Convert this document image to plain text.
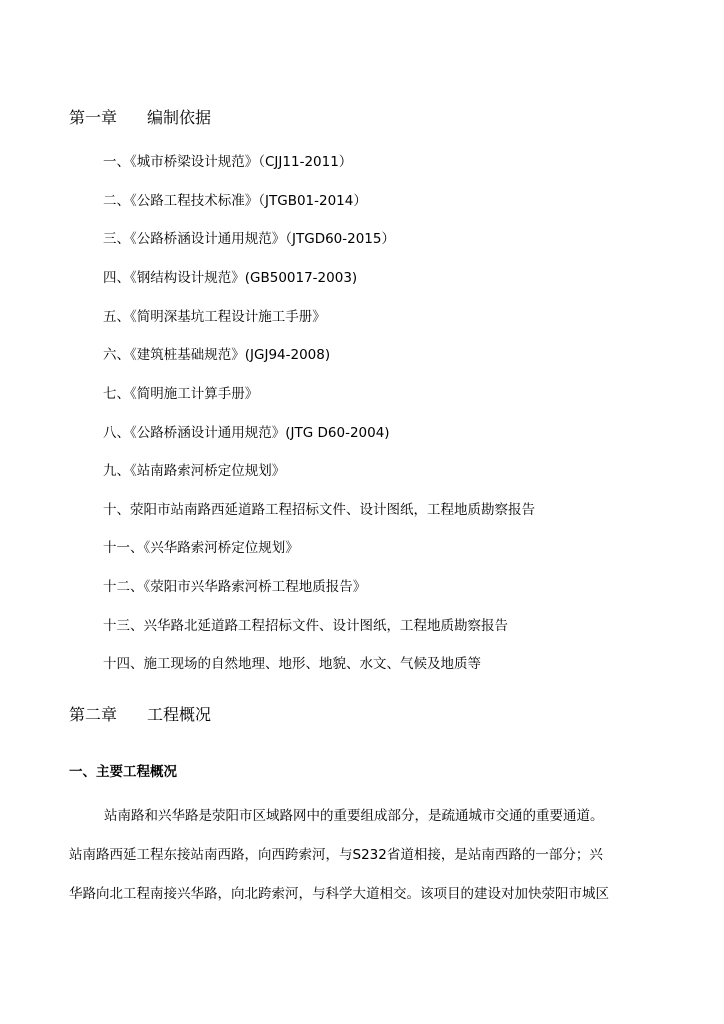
第一章 编制依据
一、《城市桥梁设计规范》（CJJ11-2011）
二、《公路工程技术标准》（JTGB01-2014）
三、《公路桥涵设计通用规范》（JTGD60-2015）
四、《钢结构设计规范》(GB50017-2003)
五、《简明深基坑工程设计施工手册》
六、《建筑桩基础规范》(JGJ94-2008)
七、《简明施工计算手册》
八、《公路桥涵设计通用规范》(JTG D60-2004)
九、《站南路索河桥定位规划》
十、荥阳市站南路西延道路工程招标文件、设计图纸，工程地质勘察报告
十一、《兴华路索河桥定位规划》
十二、《荥阳市兴华路索河桥工程地质报告》
十三、兴华路北延道路工程招标文件、设计图纸，工程地质勘察报告
十四、施工现场的自然地理、地形、地貌、水文、气候及地质等
第二章 工程概况
一、主要工程概况
站南路和兴华路是荥阳市区域路网中的重要组成部分，是疏通城市交通的重要通道。
站南路西延工程东接站南西路，向西跨索河，与S232省道相接，是站南西路的一部分；兴
华路向北工程南接兴华路，向北跨索河，与科学大道相交。该项目的建设对加快荥阳市城区
